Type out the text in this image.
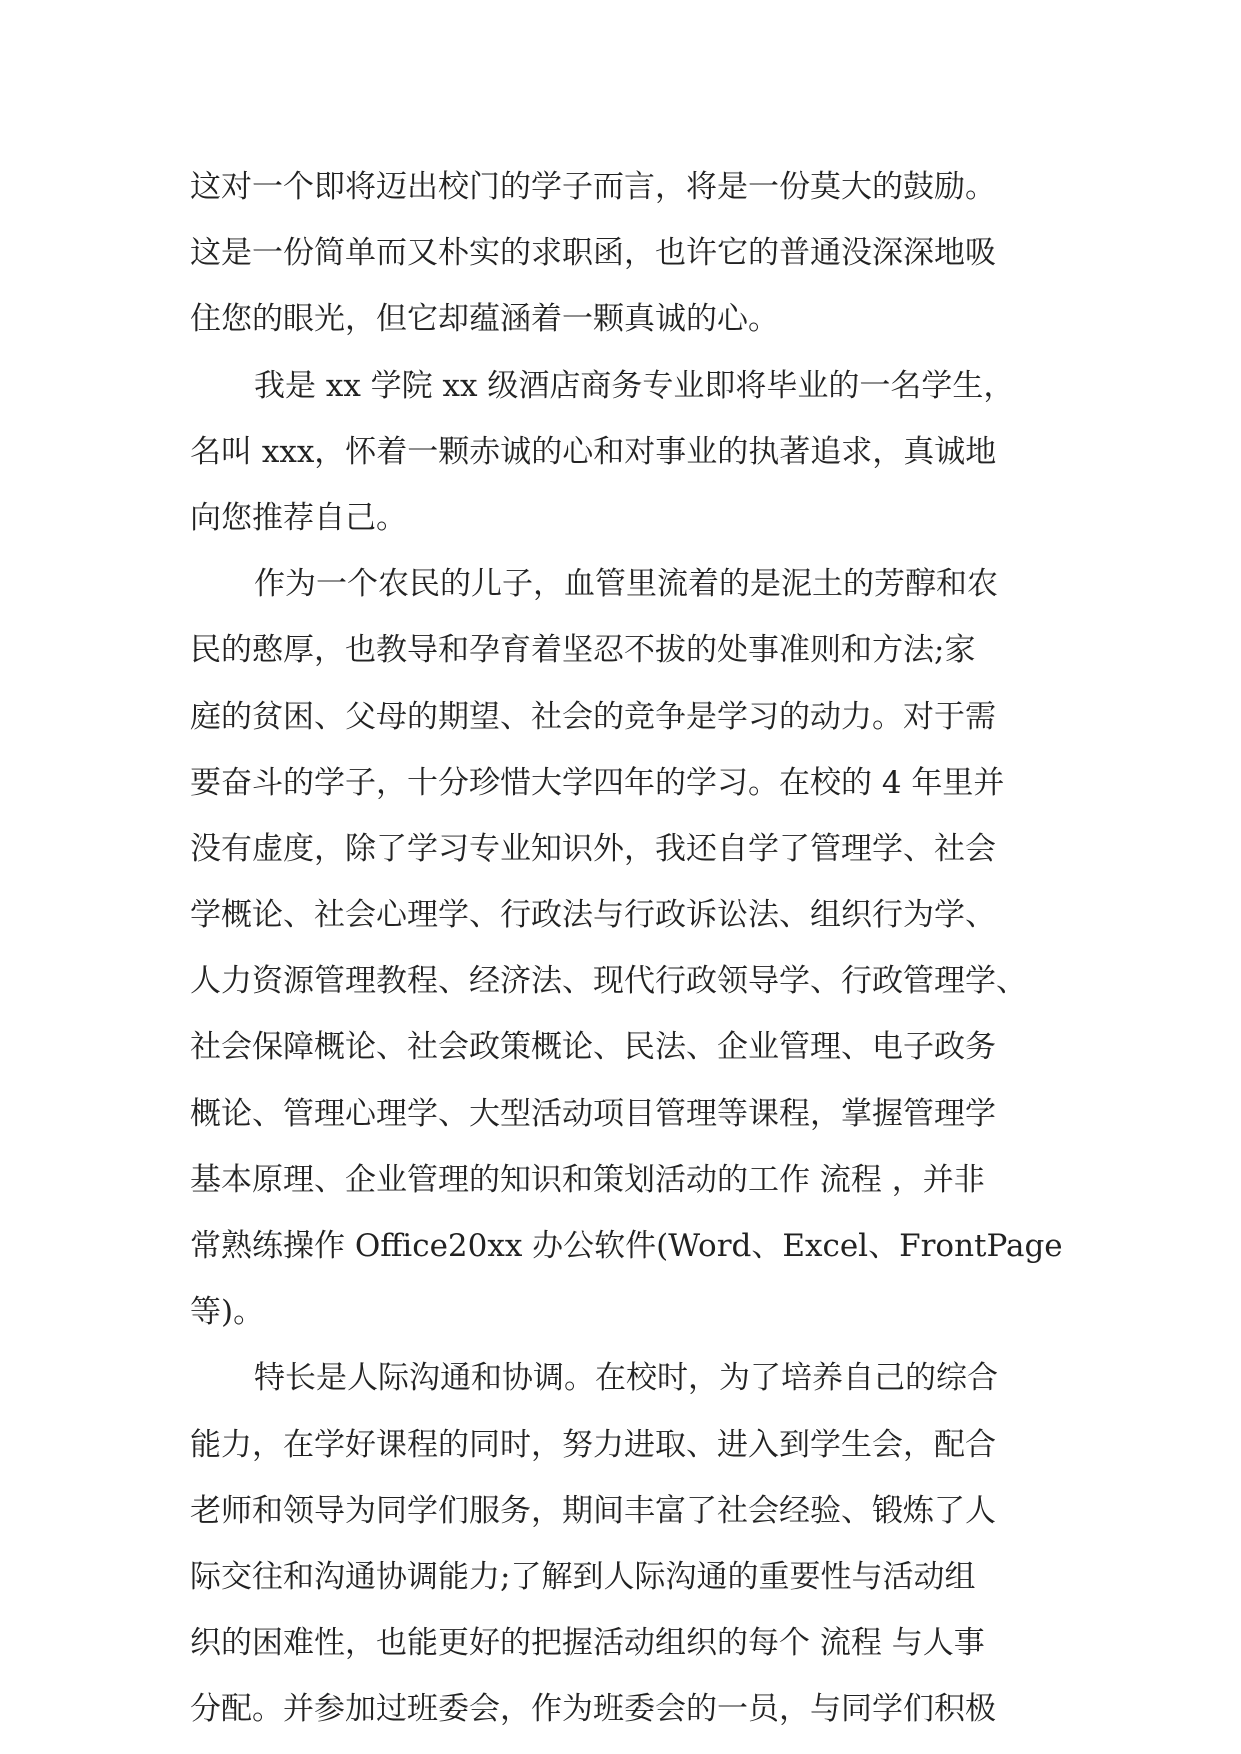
这对一个即将迈出校门的学子而言，将是一份莫大的鼓励。
这是一份简单而又朴实的求职函，也许它的普通没深深地吸
住您的眼光，但它却蕴涵着一颗真诚的心。
我是 xx 学院 xx 级酒店商务专业即将毕业的一名学生，
名叫 xxx，怀着一颗赤诚的心和对事业的执著追求，真诚地
向您推荐自己。
作为一个农民的儿子，血管里流着的是泥土的芳醇和农
民的憨厚，也教导和孕育着坚忍不拔的处事准则和方法;家
庭的贫困、父母的期望、社会的竞争是学习的动力。对于需
要奋斗的学子，十分珍惜大学四年的学习。在校的 4 年里并
没有虚度，除了学习专业知识外，我还自学了管理学、社会
学概论、社会心理学、行政法与行政诉讼法、组织行为学、
人力资源管理教程、经济法、现代行政领导学、行政管理学、
社会保障概论、社会政策概论、民法、企业管理、电子政务
概论、管理心理学、大型活动项目管理等课程，掌握管理学
基本原理、企业管理的知识和策划活动的工作 流程 ，并非
常熟练操作 Office20xx 办公软件(Word、Excel、FrontPage
等)。
特长是人际沟通和协调。在校时，为了培养自己的综合
能力，在学好课程的同时，努力进取、进入到学生会，配合
老师和领导为同学们服务，期间丰富了社会经验、锻炼了人
际交往和沟通协调能力;了解到人际沟通的重要性与活动组
织的困难性，也能更好的把握活动组织的每个 流程 与人事
分配。并参加过班委会，作为班委会的一员，与同学们积极
